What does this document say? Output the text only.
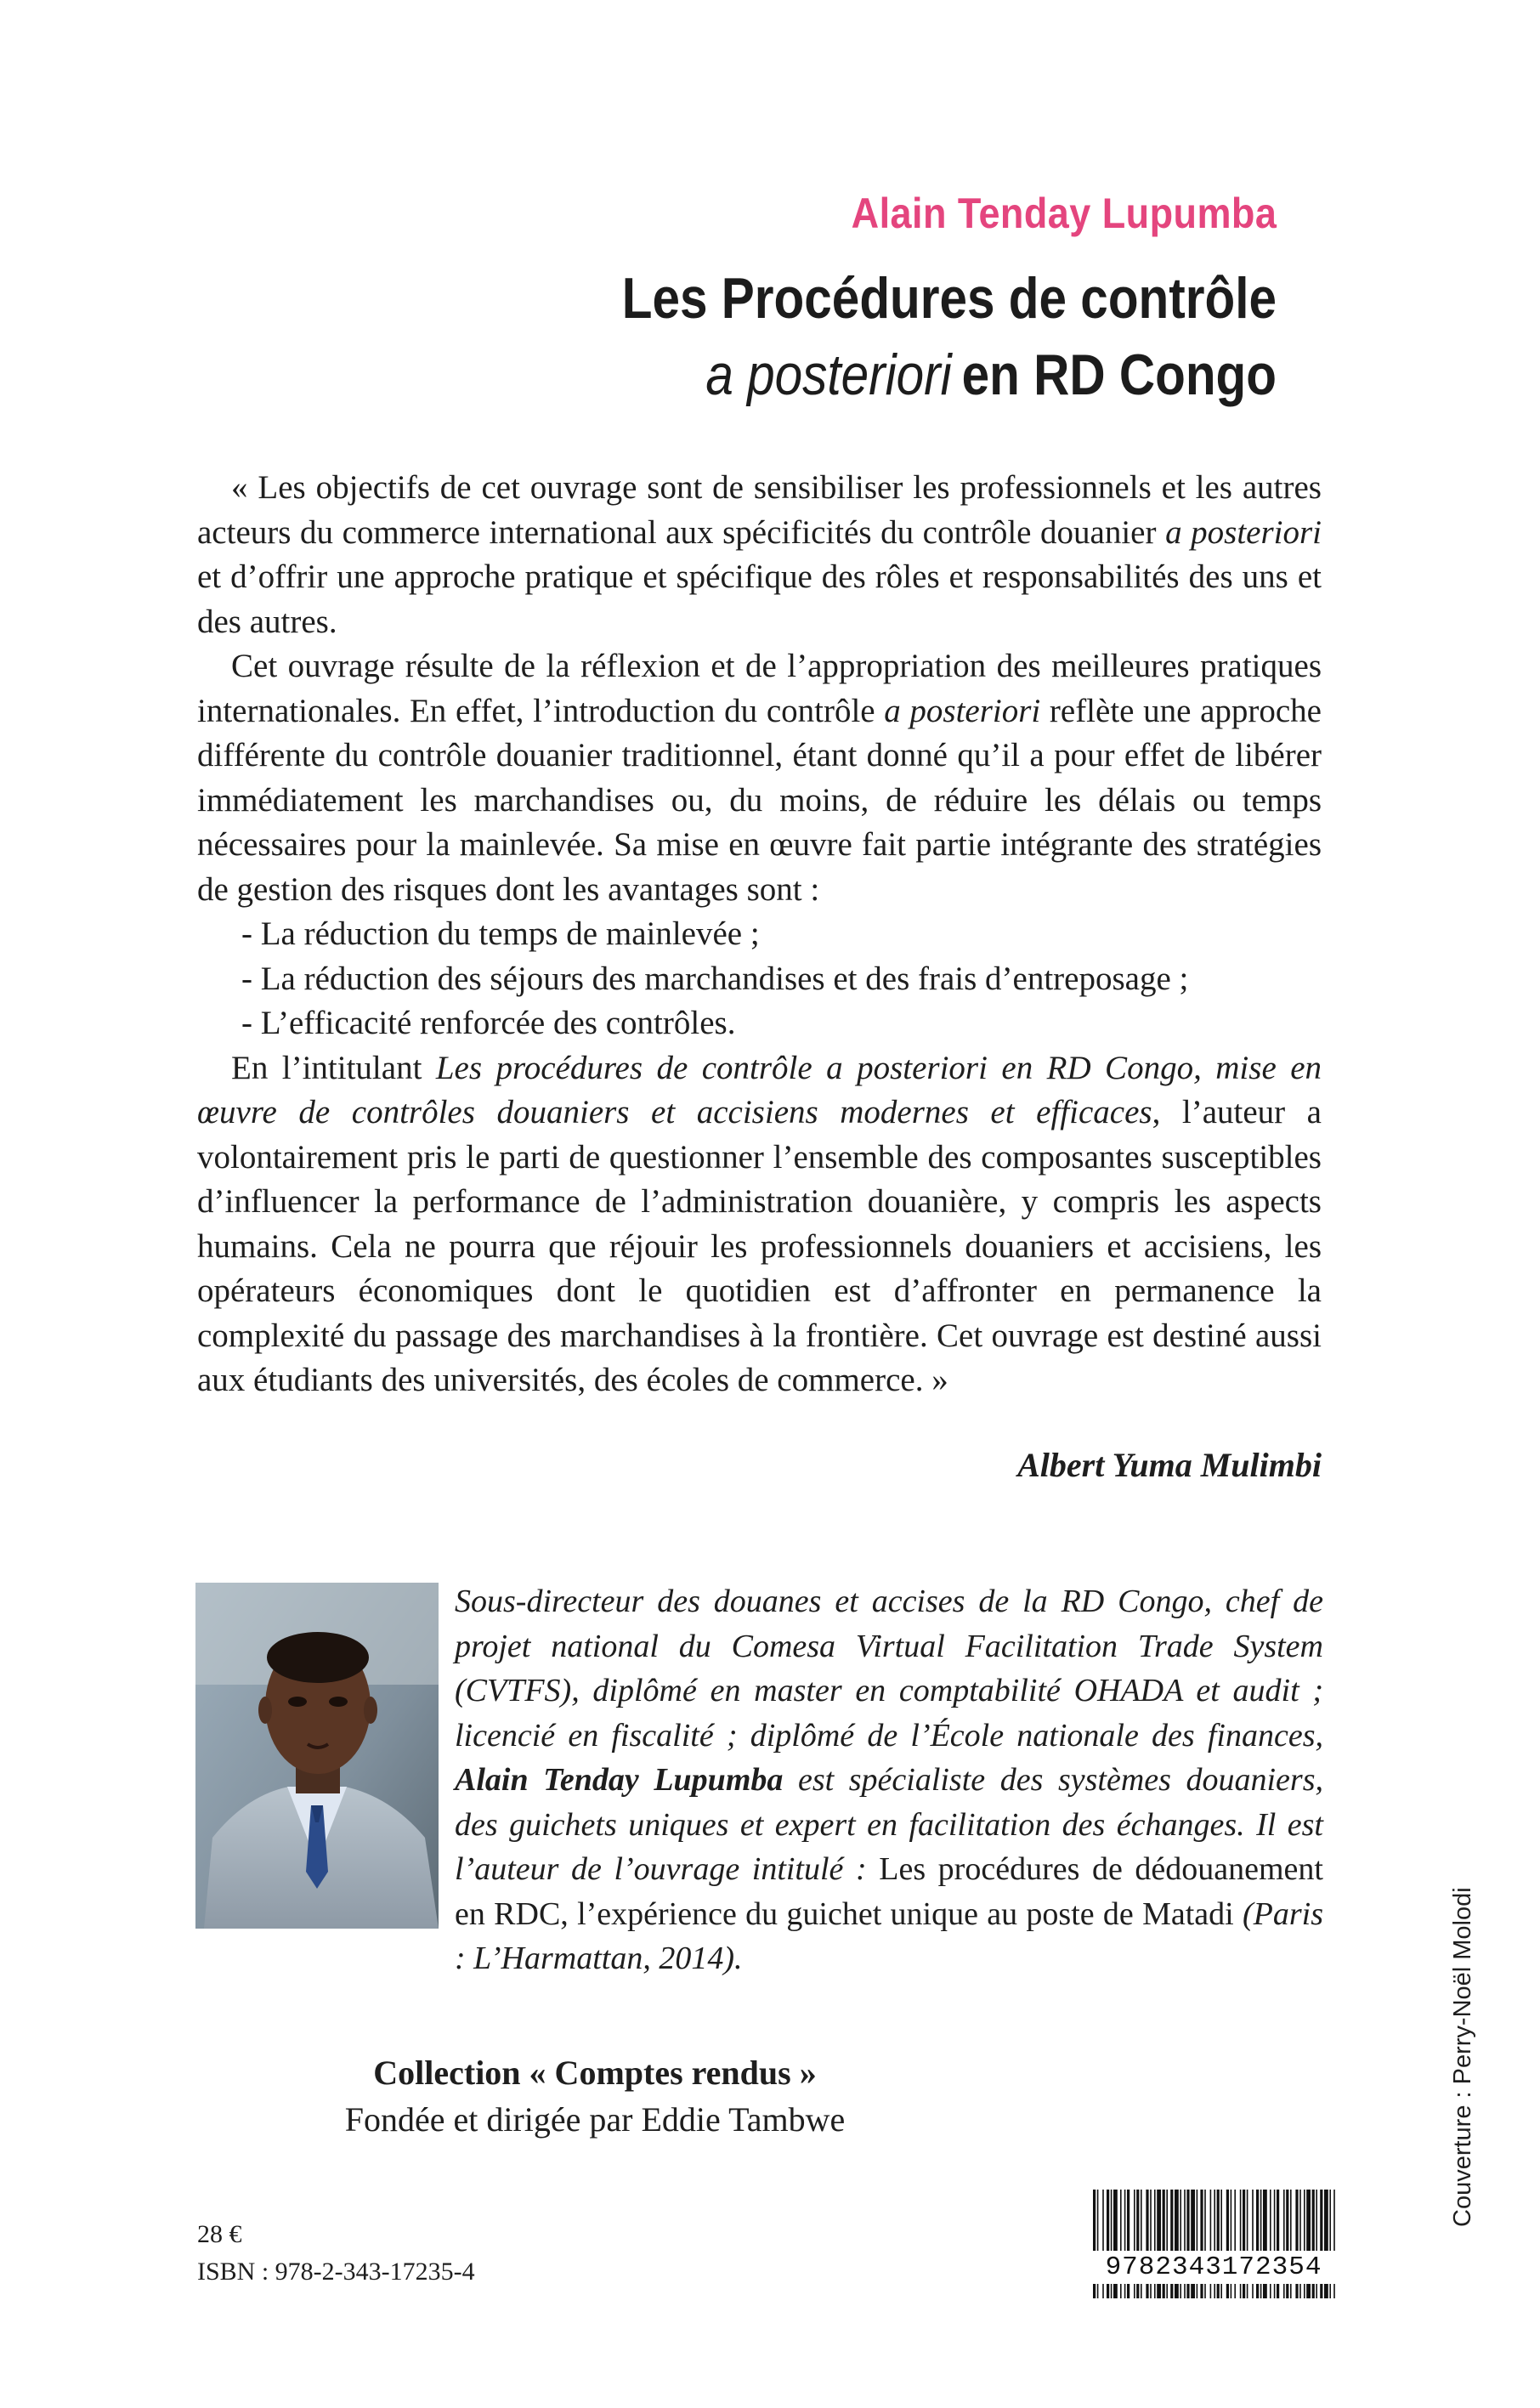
Alain Tenday Lupumba
Les Procédures de contrôle
a posteriori en RD Congo

« Les objectifs de cet ouvrage sont de sensibiliser les professionnels et les autres acteurs du commerce international aux spécificités du contrôle douanier a posteriori et d’offrir une approche pratique et spécifique des rôles et responsabilités des uns et des autres.

Cet ouvrage résulte de la réflexion et de l’appropriation des meilleures pratiques internationales. En effet, l’introduction du contrôle a posteriori reflète une approche différente du contrôle douanier traditionnel, étant donné qu’il a pour effet de libérer immédiatement les marchandises ou, du moins, de réduire les délais ou temps nécessaires pour la mainlevée. Sa mise en œuvre fait partie intégrante des stratégies de gestion des risques dont les avantages sont :

- La réduction du temps de mainlevée ;
- La réduction des séjours des marchandises et des frais d’entreposage ;
- L’efficacité renforcée des contrôles.

En l’intitulant Les procédures de contrôle a posteriori en RD Congo, mise en œuvre de contrôles douaniers et accisiens modernes et efficaces, l’auteur a volontairement pris le parti de questionner l’ensemble des composantes susceptibles d’influencer la performance de l’administration douanière, y compris les aspects humains. Cela ne pourra que réjouir les professionnels douaniers et accisiens, les opérateurs économiques dont le quotidien est d’affronter en permanence la complexité du passage des marchandises à la frontière. Cet ouvrage est destiné aussi aux étudiants des universités, des écoles de commerce. »

Albert Yuma Mulimbi
Sous-directeur des douanes et accises de la RD Congo, chef de projet national du Comesa Virtual Facilitation Trade System (CVTFS), diplômé en master en comptabilité OHADA et audit ; licencié en fiscalité ; diplômé de l’École nationale des finances, Alain Tenday Lupumba est spécialiste des systèmes douaniers, des guichets uniques et expert en facilitation des échanges. Il est l’auteur de l’ouvrage intitulé : Les procédures de dédouanement en RDC, l’expérience du guichet unique au poste de Matadi (Paris : L’Harmattan, 2014).
Collection « Comptes rendus »
Fondée et dirigée par Eddie Tambwe
28 €
ISBN : 978-2-343-17235-4	9782343172354
Couverture : Perry-Noël Molodi
